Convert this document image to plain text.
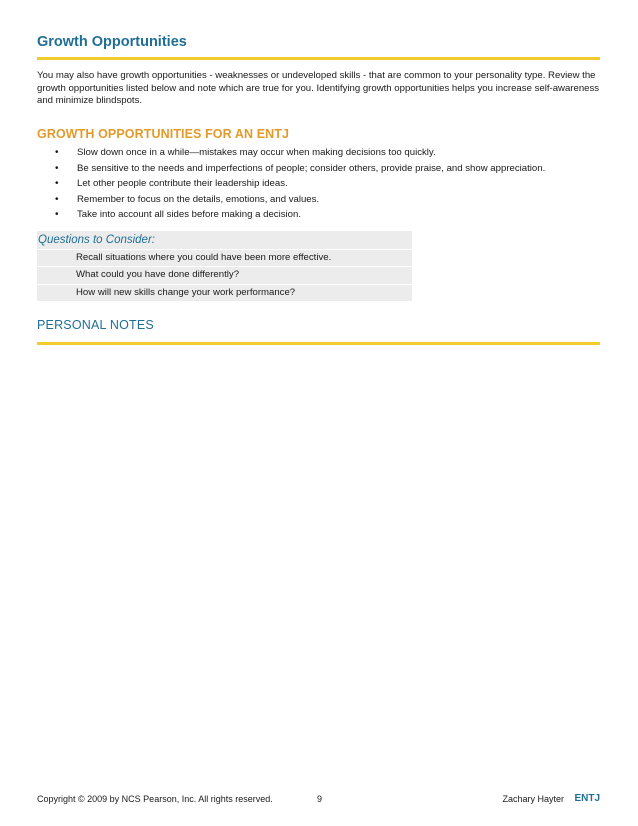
Growth Opportunities
You may also have growth opportunities - weaknesses or undeveloped skills - that are common to your personality type. Review the growth opportunities listed below and note which are true for you. Identifying growth opportunities helps you increase self-awareness and minimize blindspots.
GROWTH OPPORTUNITIES FOR AN ENTJ
• Slow down once in a while—mistakes may occur when making decisions too quickly.
• Be sensitive to the needs and imperfections of people; consider others, provide praise, and show appreciation.
• Let other people contribute their leadership ideas.
• Remember to focus on the details, emotions, and values.
• Take into account all sides before making a decision.
Questions to Consider:
Recall situations where you could have been more effective.
What could you have done differently?
How will new skills change your work performance?
PERSONAL NOTES
Copyright © 2009 by NCS Pearson, Inc. All rights reserved.	9	Zachary Hayter ENTJ
